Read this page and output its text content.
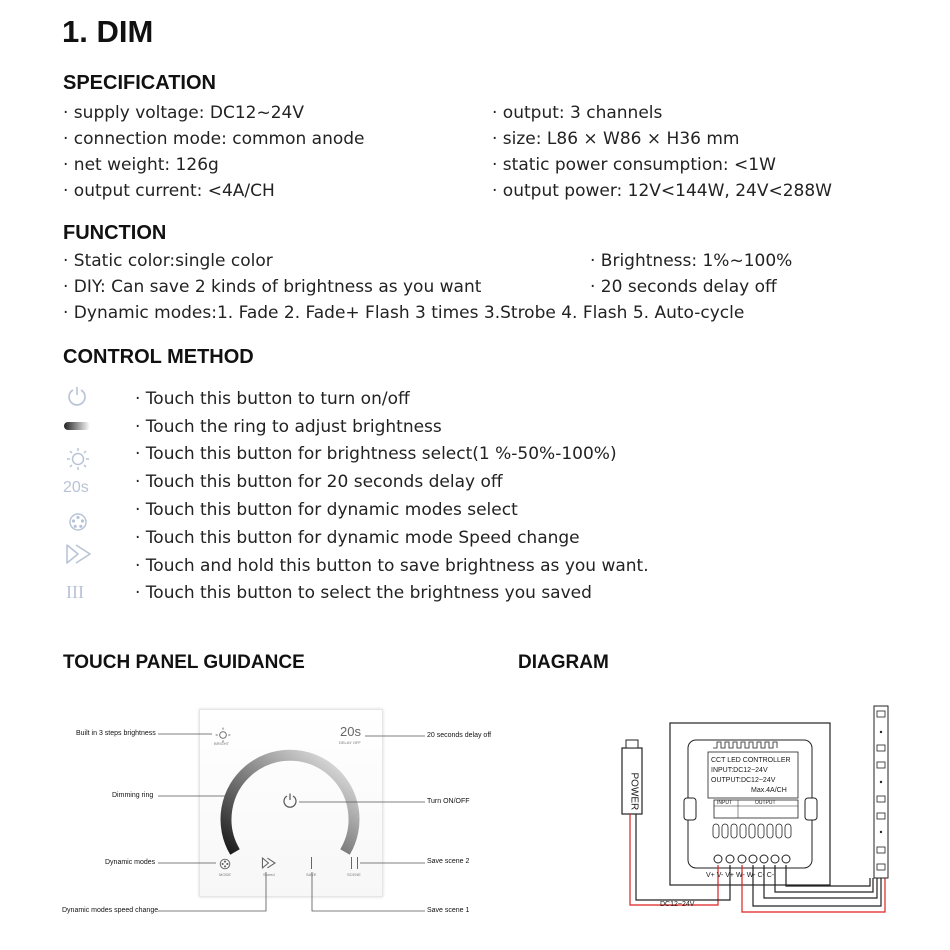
1. DIM
SPECIFICATION
· supply voltage: DC12~24V
· connection mode: common anode
· net weight: 126g
· output current: <4A/CH
· output: 3 channels
· size: L86 × W86 × H36 mm
· static power consumption: <1W
· output power: 12V<144W, 24V<288W
FUNCTION
· Static color:single color	· Brightness: 1%~100%
· DIY: Can save 2 kinds of brightness as you want	· 20 seconds delay off
· Dynamic modes:1. Fade 2. Fade+ Flash 3 times 3.Strobe 4. Flash 5. Auto-cycle
CONTROL METHOD
20s
III
· Touch this button to turn on/off
· Touch the ring to adjust brightness
· Touch this button for brightness select(1 %-50%-100%)
· Touch this button for 20 seconds delay off
· Touch this button for dynamic modes select
· Touch this button for dynamic mode Speed change
· Touch and hold this button to save brightness as you want.
· Touch this button to select the brightness you saved
TOUCH PANEL GUIDANCE	DIAGRAM
BRIGHT
20s
DELAY OFF
MODE	Speed	SAVE	SCENE
Built in 3 steps brightness
Dimming ring
Dynamic modes
Dynamic modes speed change
20 seconds delay off
Turn ON/OFF
Save scene 2
Save scene 1
POWER
CCT LED CONTROLLER
INPUT:DC12~24V
OUTPUT:DC12~24V
Max.4A/CH
INPUT	OUTPUT
V+ V- V+ W- W- C- C-
DC12~24V
